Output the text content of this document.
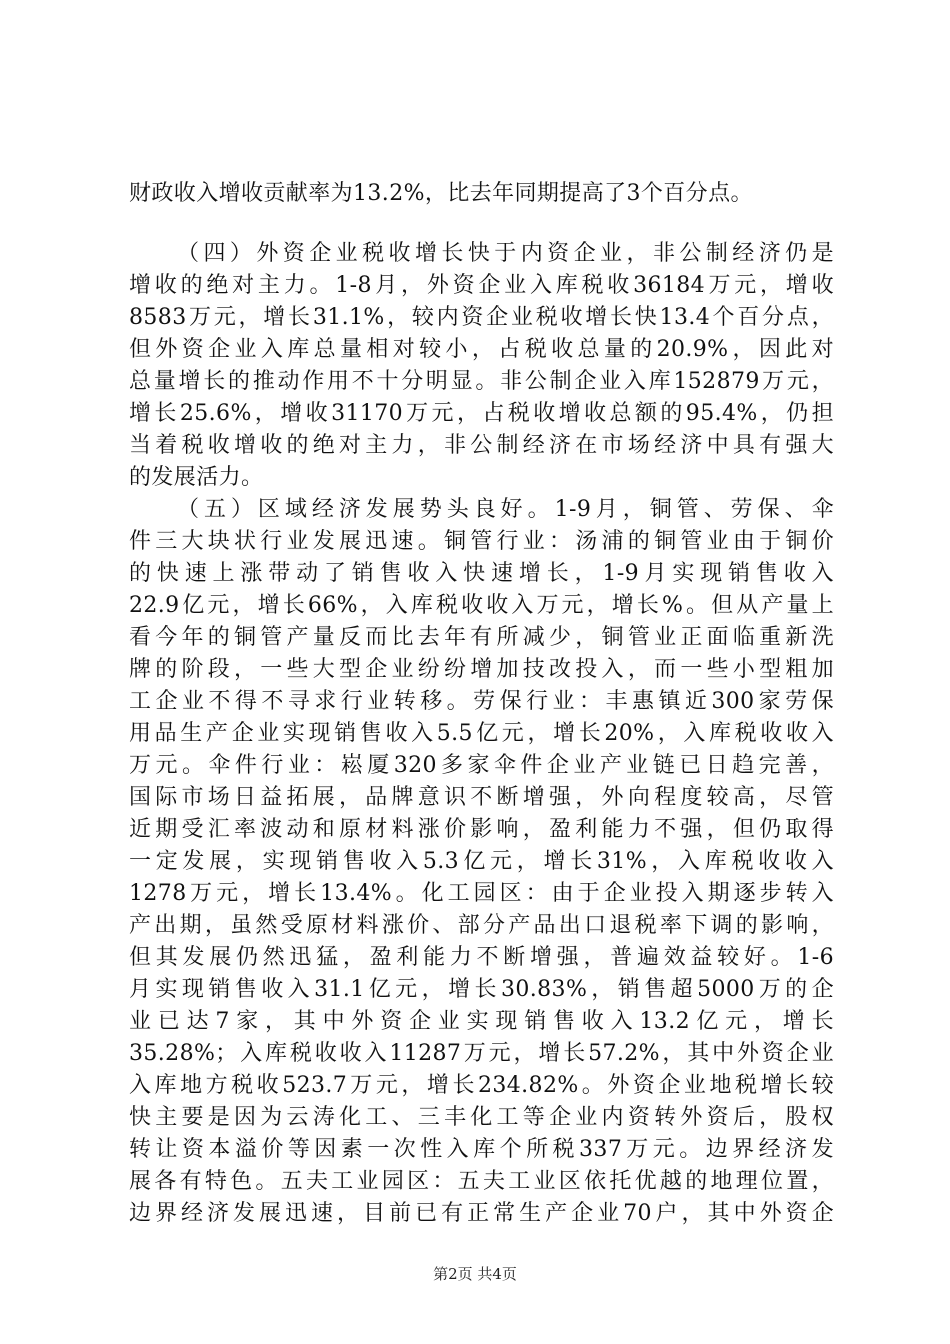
财政收入增收贡献率为13.2%，比去年同期提高了3个百分点。
（四）外资企业税收增长快于内资企业，非公制经济仍是
增收的绝对主力。1-8月，外资企业入库税收36184万元，增收
8583万元，增长31.1%，较内资企业税收增长快13.4个百分点，
但外资企业入库总量相对较小，占税收总量的20.9%，因此对
总量增长的推动作用不十分明显。非公制企业入库152879万元，
增长25.6%，增收31170万元，占税收增收总额的95.4%，仍担
当着税收增收的绝对主力，非公制经济在市场经济中具有强大
的发展活力。
（五）区域经济发展势头良好。1-9月，铜管、劳保、伞
件三大块状行业发展迅速。铜管行业：汤浦的铜管业由于铜价
的快速上涨带动了销售收入快速增长，1-9月实现销售收入
22.9亿元，增长66%，入库税收收入万元，增长%。但从产量上
看今年的铜管产量反而比去年有所减少，铜管业正面临重新洗
牌的阶段，一些大型企业纷纷增加技改投入，而一些小型粗加
工企业不得不寻求行业转移。劳保行业：丰惠镇近300家劳保
用品生产企业实现销售收入5.5亿元，增长20%，入库税收收入
万元。伞件行业：崧厦320多家伞件企业产业链已日趋完善，
国际市场日益拓展，品牌意识不断增强，外向程度较高，尽管
近期受汇率波动和原材料涨价影响，盈利能力不强，但仍取得
一定发展，实现销售收入5.3亿元，增长31%，入库税收收入
1278万元，增长13.4%。化工园区：由于企业投入期逐步转入
产出期，虽然受原材料涨价、部分产品出口退税率下调的影响，
但其发展仍然迅猛，盈利能力不断增强，普遍效益较好。1-6
月实现销售收入31.1亿元，增长30.83%，销售超5000万的企
业已达7家，其中外资企业实现销售收入13.2亿元，增长
35.28%；入库税收收入11287万元，增长57.2%，其中外资企业
入库地方税收523.7万元，增长234.82%。外资企业地税增长较
快主要是因为云涛化工、三丰化工等企业内资转外资后，股权
转让资本溢价等因素一次性入库个所税337万元。边界经济发
展各有特色。五夫工业园区：五夫工业区依托优越的地理位置，
边界经济发展迅速，目前已有正常生产企业70户，其中外资企
第2页 共4页
